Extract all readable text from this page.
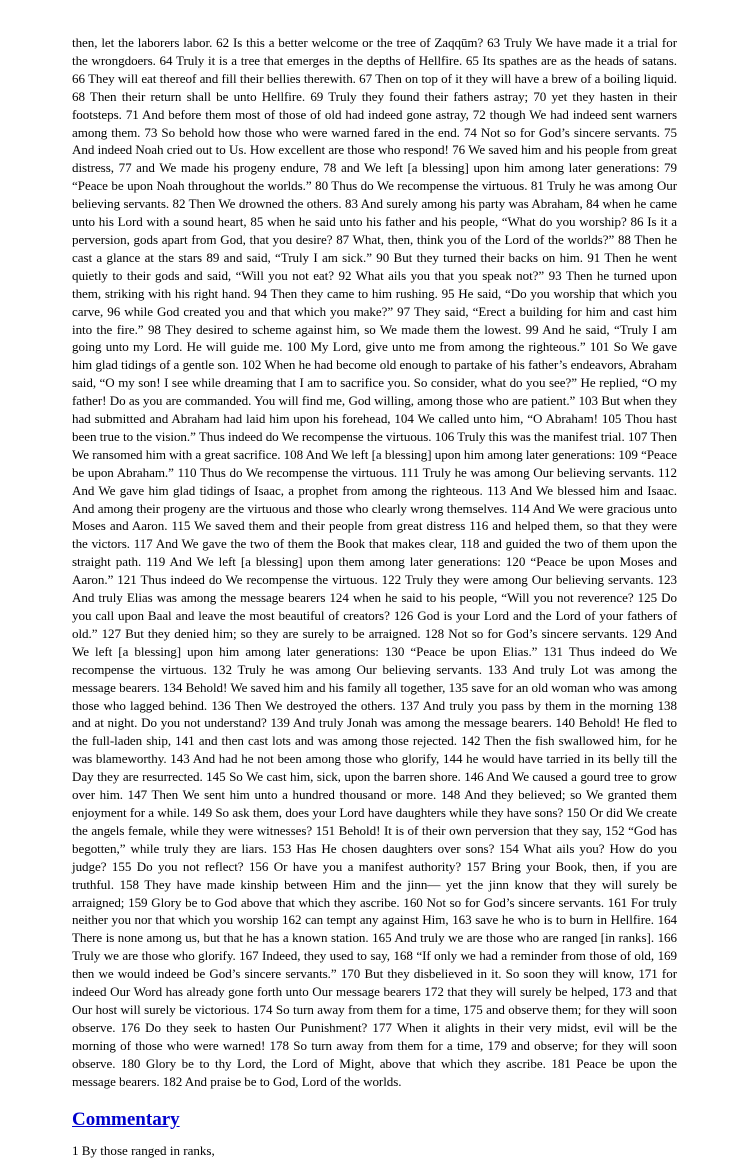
then, let the laborers labor. 62 Is this a better welcome or the tree of Zaqqūm? 63 Truly We have made it a trial for the wrongdoers. 64 Truly it is a tree that emerges in the depths of Hellfire. 65 Its spathes are as the heads of satans. 66 They will eat thereof and fill their bellies therewith. 67 Then on top of it they will have a brew of a boiling liquid. 68 Then their return shall be unto Hellfire. 69 Truly they found their fathers astray; 70 yet they hasten in their footsteps. 71 And before them most of those of old had indeed gone astray, 72 though We had indeed sent warners among them. 73 So behold how those who were warned fared in the end. 74 Not so for God’s sincere servants. 75 And indeed Noah cried out to Us. How excellent are those who respond! 76 We saved him and his people from great distress, 77 and We made his progeny endure, 78 and We left [a blessing] upon him among later generations: 79 “Peace be upon Noah throughout the worlds.” 80 Thus do We recompense the virtuous. 81 Truly he was among Our believing servants. 82 Then We drowned the others. 83 And surely among his party was Abraham, 84 when he came unto his Lord with a sound heart, 85 when he said unto his father and his people, “What do you worship? 86 Is it a perversion, gods apart from God, that you desire? 87 What, then, think you of the Lord of the worlds?” 88 Then he cast a glance at the stars 89 and said, “Truly I am sick.” 90 But they turned their backs on him. 91 Then he went quietly to their gods and said, “Will you not eat? 92 What ails you that you speak not?” 93 Then he turned upon them, striking with his right hand. 94 Then they came to him rushing. 95 He said, “Do you worship that which you carve, 96 while God created you and that which you make?” 97 They said, “Erect a building for him and cast him into the fire.” 98 They desired to scheme against him, so We made them the lowest. 99 And he said, “Truly I am going unto my Lord. He will guide me. 100 My Lord, give unto me from among the righteous.” 101 So We gave him glad tidings of a gentle son. 102 When he had become old enough to partake of his father’s endeavors, Abraham said, “O my son! I see while dreaming that I am to sacrifice you. So consider, what do you see?” He replied, “O my father! Do as you are commanded. You will find me, God willing, among those who are patient.” 103 But when they had submitted and Abraham had laid him upon his forehead, 104 We called unto him, “O Abraham! 105 Thou hast been true to the vision.” Thus indeed do We recompense the virtuous. 106 Truly this was the manifest trial. 107 Then We ransomed him with a great sacrifice. 108 And We left [a blessing] upon him among later generations: 109 “Peace be upon Abraham.” 110 Thus do We recompense the virtuous. 111 Truly he was among Our believing servants. 112 And We gave him glad tidings of Isaac, a prophet from among the righteous. 113 And We blessed him and Isaac. And among their progeny are the virtuous and those who clearly wrong themselves. 114 And We were gracious unto Moses and Aaron. 115 We saved them and their people from great distress 116 and helped them, so that they were the victors. 117 And We gave the two of them the Book that makes clear, 118 and guided the two of them upon the straight path. 119 And We left [a blessing] upon them among later generations: 120 “Peace be upon Moses and Aaron.” 121 Thus indeed do We recompense the virtuous. 122 Truly they were among Our believing servants. 123 And truly Elias was among the message bearers 124 when he said to his people, “Will you not reverence? 125 Do you call upon Baal and leave the most beautiful of creators? 126 God is your Lord and the Lord of your fathers of old.” 127 But they denied him; so they are surely to be arraigned. 128 Not so for God’s sincere servants. 129 And We left [a blessing] upon him among later generations: 130 “Peace be upon Elias.” 131 Thus indeed do We recompense the virtuous. 132 Truly he was among Our believing servants. 133 And truly Lot was among the message bearers. 134 Behold! We saved him and his family all together, 135 save for an old woman who was among those who lagged behind. 136 Then We destroyed the others. 137 And truly you pass by them in the morning 138 and at night. Do you not understand? 139 And truly Jonah was among the message bearers. 140 Behold! He fled to the full-laden ship, 141 and then cast lots and was among those rejected. 142 Then the fish swallowed him, for he was blameworthy. 143 And had he not been among those who glorify, 144 he would have tarried in its belly till the Day they are resurrected. 145 So We cast him, sick, upon the barren shore. 146 And We caused a gourd tree to grow over him. 147 Then We sent him unto a hundred thousand or more. 148 And they believed; so We granted them enjoyment for a while. 149 So ask them, does your Lord have daughters while they have sons? 150 Or did We create the angels female, while they were witnesses? 151 Behold! It is of their own perversion that they say, 152 “God has begotten,” while truly they are liars. 153 Has He chosen daughters over sons? 154 What ails you? How do you judge? 155 Do you not reflect? 156 Or have you a manifest authority? 157 Bring your Book, then, if you are truthful. 158 They have made kinship between Him and the jinn— yet the jinn know that they will surely be arraigned; 159 Glory be to God above that which they ascribe. 160 Not so for God’s sincere servants. 161 For truly neither you nor that which you worship 162 can tempt any against Him, 163 save he who is to burn in Hellfire. 164 There is none among us, but that he has a known station. 165 And truly we are those who are ranged [in ranks]. 166 Truly we are those who glorify. 167 Indeed, they used to say, 168 “If only we had a reminder from those of old, 169 then we would indeed be God’s sincere servants.” 170 But they disbelieved in it. So soon they will know, 171 for indeed Our Word has already gone forth unto Our message bearers 172 that they will surely be helped, 173 and that Our host will surely be victorious. 174 So turn away from them for a time, 175 and observe them; for they will soon observe. 176 Do they seek to hasten Our Punishment? 177 When it alights in their very midst, evil will be the morning of those who were warned! 178 So turn away from them for a time, 179 and observe; for they will soon observe. 180 Glory be to thy Lord, the Lord of Might, above that which they ascribe. 181 Peace be upon the message bearers. 182 And praise be to God, Lord of the worlds.

Commentary

1 By those ranged in ranks,
